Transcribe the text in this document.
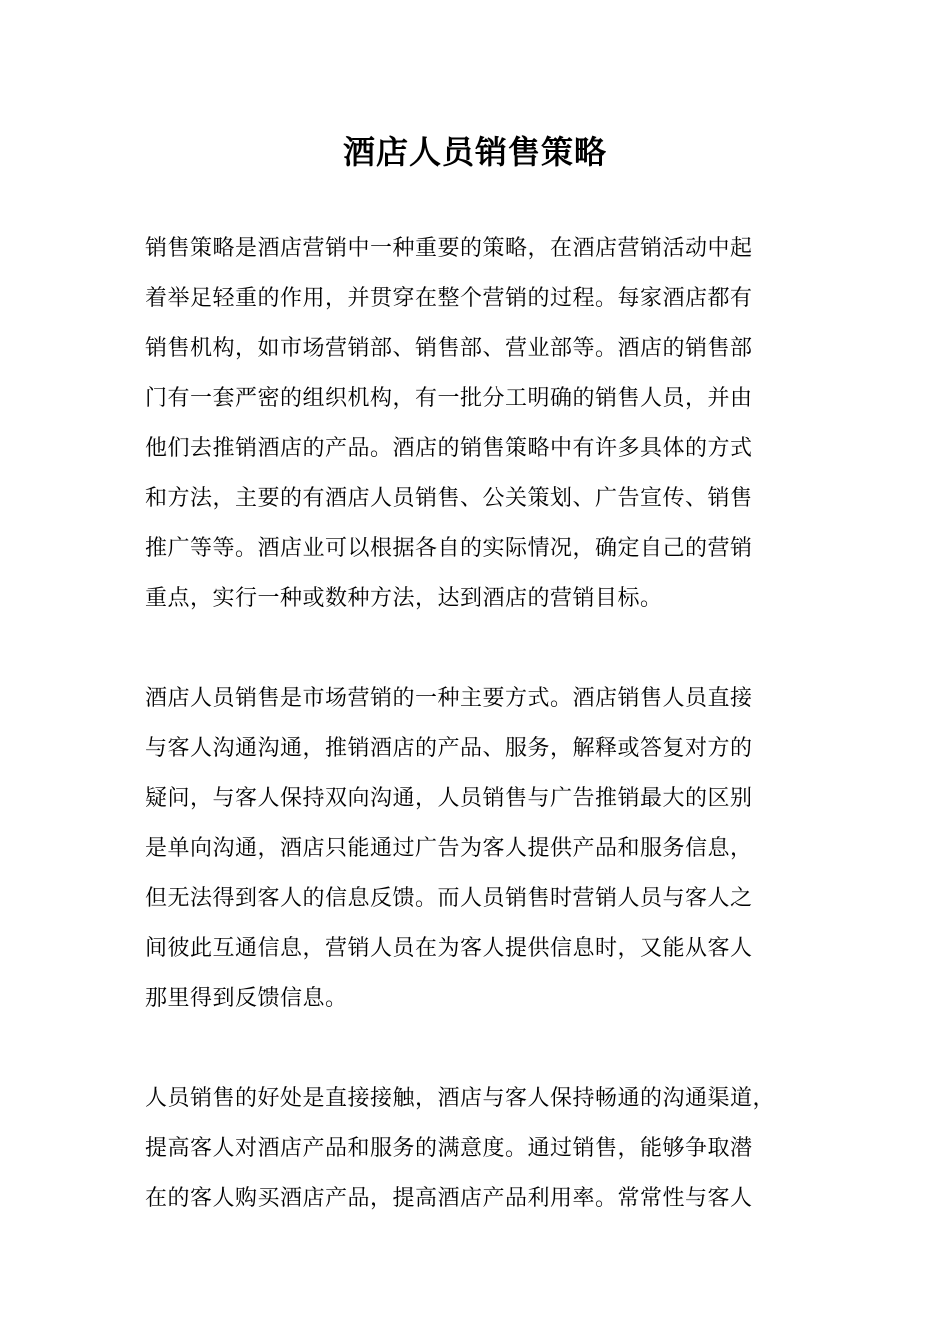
酒店人员销售策略
销售策略是酒店营销中一种重要的策略，在酒店营销活动中起
着举足轻重的作用，并贯穿在整个营销的过程。每家酒店都有
销售机构，如市场营销部、销售部、营业部等。酒店的销售部
门有一套严密的组织机构，有一批分工明确的销售人员，并由
他们去推销酒店的产品。酒店的销售策略中有许多具体的方式
和方法，主要的有酒店人员销售、公关策划、广告宣传、销售
推广等等。酒店业可以根据各自的实际情况，确定自己的营销
重点，实行一种或数种方法，达到酒店的营销目标。
酒店人员销售是市场营销的一种主要方式。酒店销售人员直接
与客人沟通沟通，推销酒店的产品、服务，解释或答复对方的
疑问，与客人保持双向沟通，人员销售与广告推销最大的区别
是单向沟通，酒店只能通过广告为客人提供产品和服务信息，
但无法得到客人的信息反馈。而人员销售时营销人员与客人之
间彼此互通信息，营销人员在为客人提供信息时，又能从客人
那里得到反馈信息。
人员销售的好处是直接接触，酒店与客人保持畅通的沟通渠道，
提高客人对酒店产品和服务的满意度。通过销售，能够争取潜
在的客人购买酒店产品，提高酒店产品利用率。常常性与客人
